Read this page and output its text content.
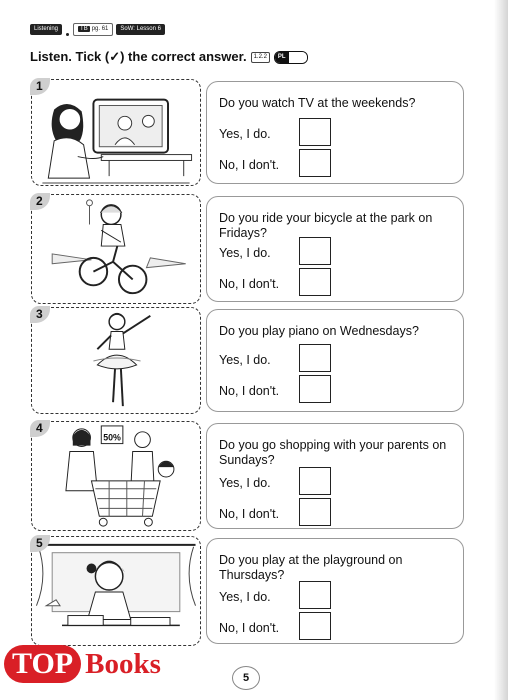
Listening	TB pg. 61	SoW: Lesson 6
Listen. Tick (✓) the correct answer.	1.2.2	PL
1
Do you watch TV at the weekends?
Yes, I do.
No, I don't.
2
Do you ride your bicycle at the park on Fridays?
Yes, I do.
No, I don't.
3
Do you play piano on Wednesdays?
Yes, I do.
No, I don't.
50%
4
Do you go shopping with your parents on Sundays?
Yes, I do.
No, I don't.
5
Do you play at the playground on Thursdays?
Yes, I do.
No, I don't.
TOP Books	5
